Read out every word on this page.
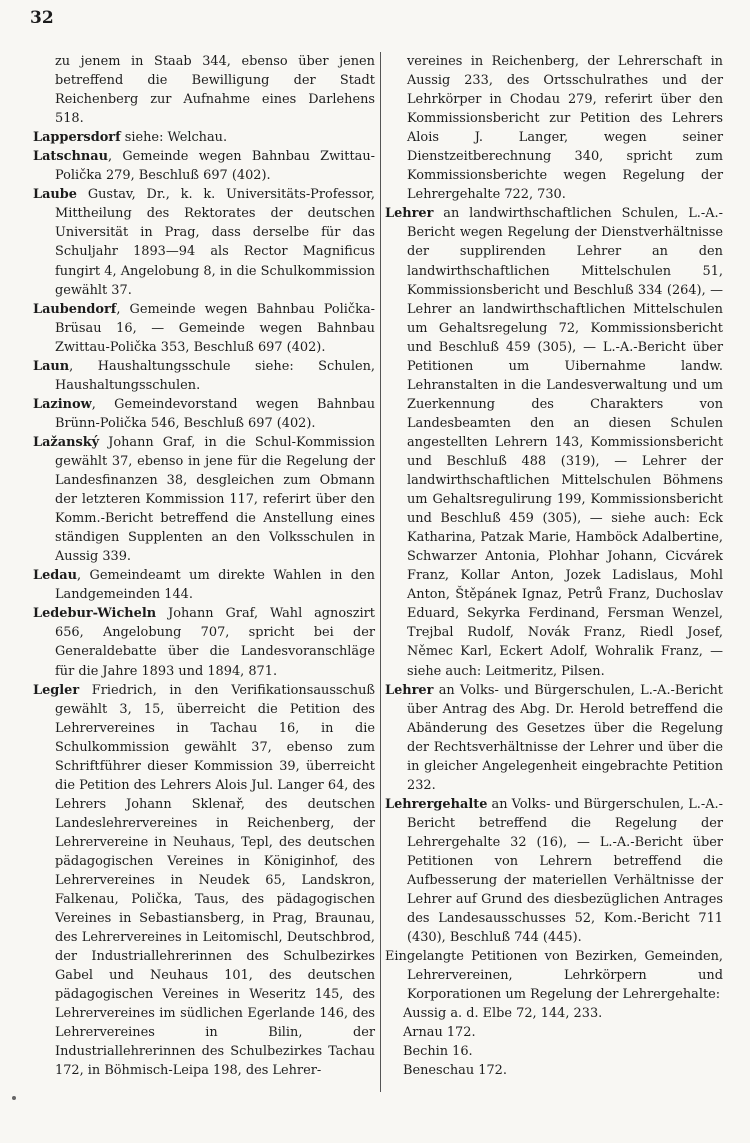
32

zu jenem in Staab 344, ebenso über jenen betreffend die Bewilligung der Stadt Reichenberg zur Aufnahme eines Darlehens 518.

Lappersdorf siehe: Welchau.

Latschnau, Gemeinde wegen Bahnbau Zwittau-Polička 279, Beschluß 697 (402).

Laube Gustav, Dr., k. k. Universitäts-Professor, Mittheilung des Rektorates der deutschen Universität in Prag, dass derselbe für das Schuljahr 1893—94 als Rector Magnificus fungirt 4, Angelobung 8, in die Schulkommission gewählt 37.

Laubendorf, Gemeinde wegen Bahnbau Polička-Brüsau 16, — Gemeinde wegen Bahnbau Zwittau-Polička 353, Beschluß 697 (402).

Laun, Haushaltungsschule siehe: Schulen, Haushaltungsschulen.

Lazinow, Gemeindevorstand wegen Bahnbau Brünn-Polička 546, Beschluß 697 (402).

Lažanský Johann Graf, in die Schul-Kommission gewählt 37, ebenso in jene für die Regelung der Landesfinanzen 38, desgleichen zum Obmann der letzteren Kommission 117, referirt über den Komm.-Bericht betreffend die Anstellung eines ständigen Supplenten an den Volksschulen in Aussig 339.

Ledau, Gemeindeamt um direkte Wahlen in den Landgemeinden 144.

Ledebur-Wicheln Johann Graf, Wahl agnoszirt 656, Angelobung 707, spricht bei der Generaldebatte über die Landesvoranschläge für die Jahre 1893 und 1894, 871.

Legler Friedrich, in den Verifikationsausschuß gewählt 3, 15, überreicht die Petition des Lehrervereines in Tachau 16, in die Schulkommission gewählt 37, ebenso zum Schriftführer dieser Kommission 39, überreicht die Petition des Lehrers Alois Jul. Langer 64, des Lehrers Johann Sklenař, des deutschen Landeslehrervereines in Reichenberg, der Lehrervereine in Neuhaus, Tepl, des deutschen pädagogischen Vereines in Königinhof, des Lehrervereines in Neudek 65, Landskron, Falkenau, Polička, Taus, des pädagogischen Vereines in Sebastiansberg, in Prag, Braunau, des Lehrervereines in Leitomischl, Deutschbrod, der Industriallehrerinnen des Schulbezirkes Gabel und Neuhaus 101, des deutschen pädagogischen Vereines in Weseritz 145, des Lehrervereines im südlichen Egerlande 146, des Lehrervereines in Bilin, der Industriallehrerinnen des Schulbezirkes Tachau 172, in Böhmisch-Leipa 198, des Lehrer-

vereines in Reichenberg, der Lehrerschaft in Aussig 233, des Ortsschulrathes und der Lehrkörper in Chodau 279, referirt über den Kommissionsbericht zur Petition des Lehrers Alois J. Langer, wegen seiner Dienstzeitberechnung 340, spricht zum Kommissionsberichte wegen Regelung der Lehrergehalte 722, 730.

Lehrer an landwirthschaftlichen Schulen, L.-A.-Bericht wegen Regelung der Dienstverhältnisse der supplirenden Lehrer an den landwirthschaftlichen Mittelschulen 51, Kommissionsbericht und Beschluß 334 (264), — Lehrer an landwirthschaftlichen Mittelschulen um Gehaltsregelung 72, Kommissionsbericht und Beschluß 459 (305), — L.-A.-Bericht über Petitionen um Uibernahme landw. Lehranstalten in die Landesverwaltung und um Zuerkennung des Charakters von Landesbeamten den an diesen Schulen angestellten Lehrern 143, Kommissionsbericht und Beschluß 488 (319), — Lehrer der landwirthschaftlichen Mittelschulen Böhmens um Gehaltsregulirung 199, Kommissionsbericht und Beschluß 459 (305), — siehe auch: Eck Katharina, Patzak Marie, Hamböck Adalbertine, Schwarzer Antonia, Plohhar Johann, Cicvárek Franz, Kollar Anton, Jozek Ladislaus, Mohl Anton, Štěpánek Ignaz, Petrů Franz, Duchoslav Eduard, Sekyrka Ferdinand, Fersman Wenzel, Trejbal Rudolf, Novák Franz, Riedl Josef, Němec Karl, Eckert Adolf, Wohralik Franz, — siehe auch: Leitmeritz, Pilsen.

Lehrer an Volks- und Bürgerschulen, L.-A.-Bericht über Antrag des Abg. Dr. Herold betreffend die Abänderung des Gesetzes über die Regelung der Rechtsverhältnisse der Lehrer und über die in gleicher Angelegenheit eingebrachte Petition 232.

Lehrergehalte an Volks- und Bürgerschulen, L.-A.-Bericht betreffend die Regelung der Lehrergehalte 32 (16), — L.-A.-Bericht über Petitionen von Lehrern betreffend die Aufbesserung der materiellen Verhältnisse der Lehrer auf Grund des diesbezüglichen Antrages des Landesausschusses 52, Kom.-Bericht 711 (430), Beschluß 744 (445).

Eingelangte Petitionen von Bezirken, Gemeinden, Lehrervereinen, Lehrkörpern und Korporationen um Regelung der Lehrergehalte:

Aussig a. d. Elbe 72, 144, 233.

Arnau 172.

Bechin 16.

Beneschau 172.
